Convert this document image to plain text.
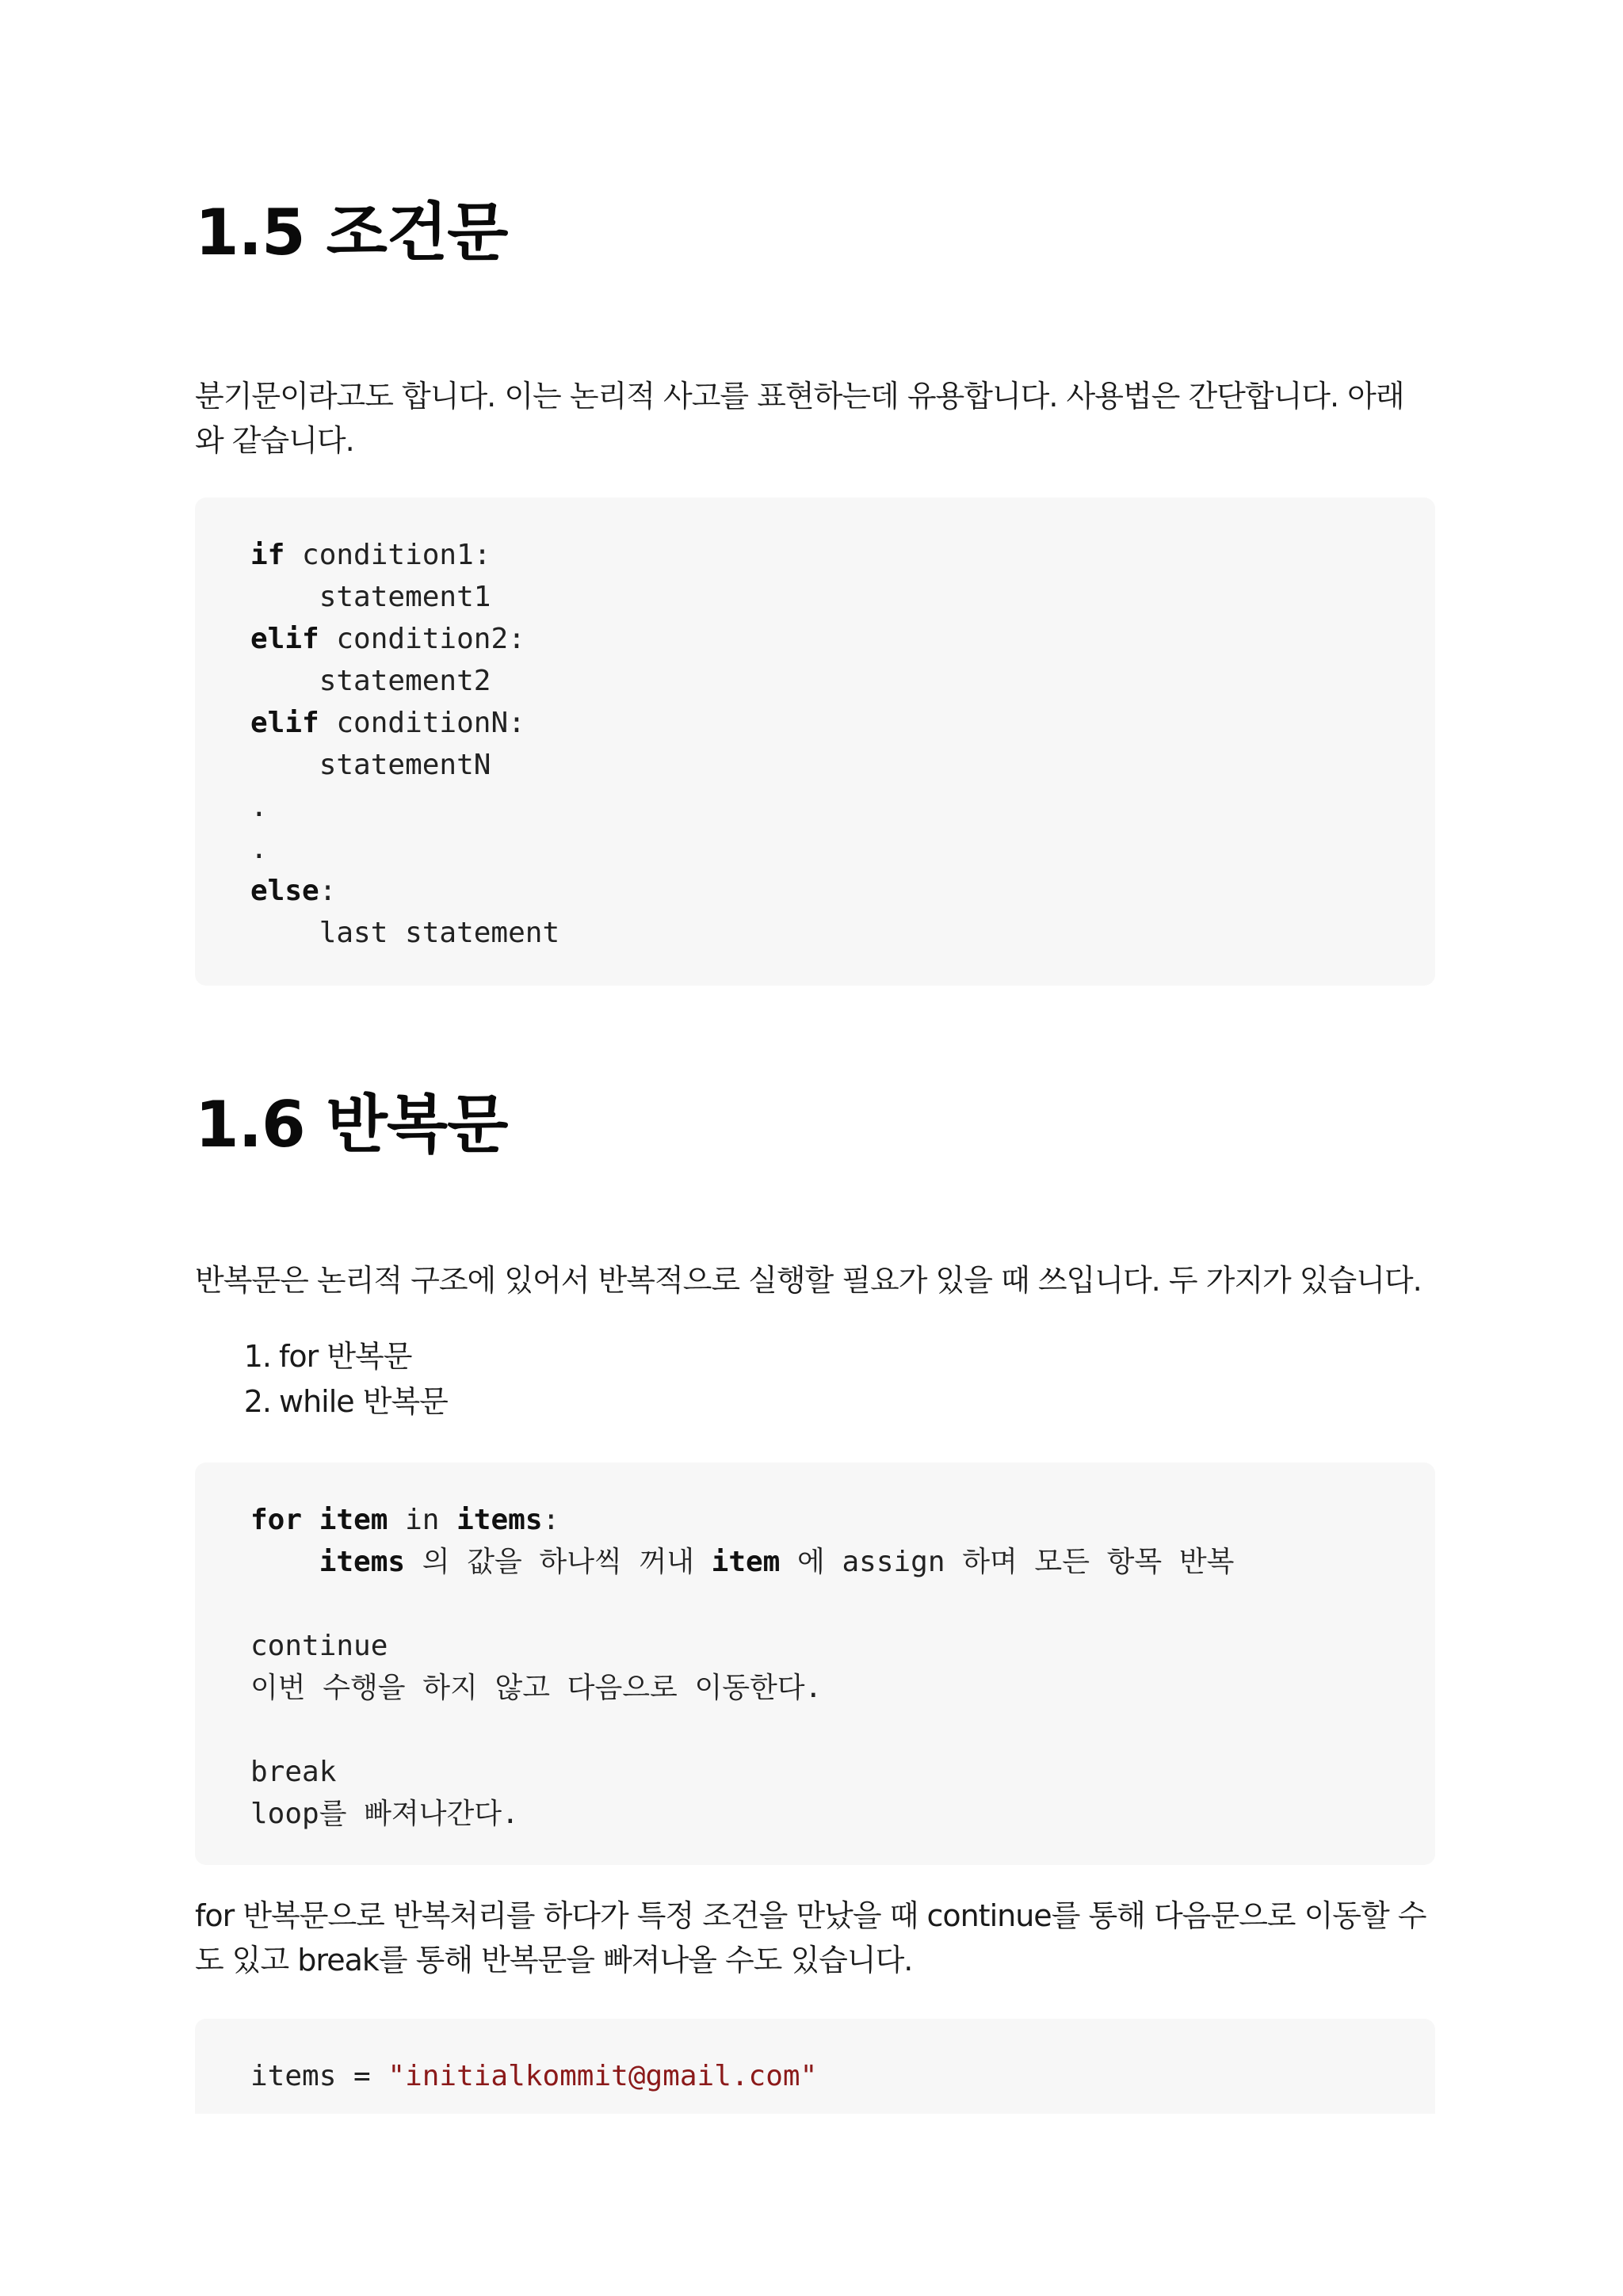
1.5 조건문

분기문이라고도 합니다. 이는 논리적 사고를 표현하는데 유용합니다. 사용법은 간단합니다. 아래 와 같습니다.

if condition1:
statement1
elif condition2:
statement2
elif conditionN:
statementN
.
.
else:
last statement
1.6 반복문

반복문은 논리적 구조에 있어서 반복적으로 실행할 필요가 있을 때 쓰입니다. 두 가지가 있습니다.

1. for 반복문
2. while 반복문
for item in items:
items 의 값을 하나씩 꺼내 item 에 assign 하며 모든 항목 반복
continue
이번 수행을 하지 않고 다음으로 이동한다.
break
loop를 빠져나간다.

for 반복문으로 반복처리를 하다가 특정 조건을 만났을 때 continue를 통해 다음문으로 이동할 수 도 있고 break를 통해 반복문을 빠져나올 수도 있습니다.

items = "initialkommit@gmail.com"
